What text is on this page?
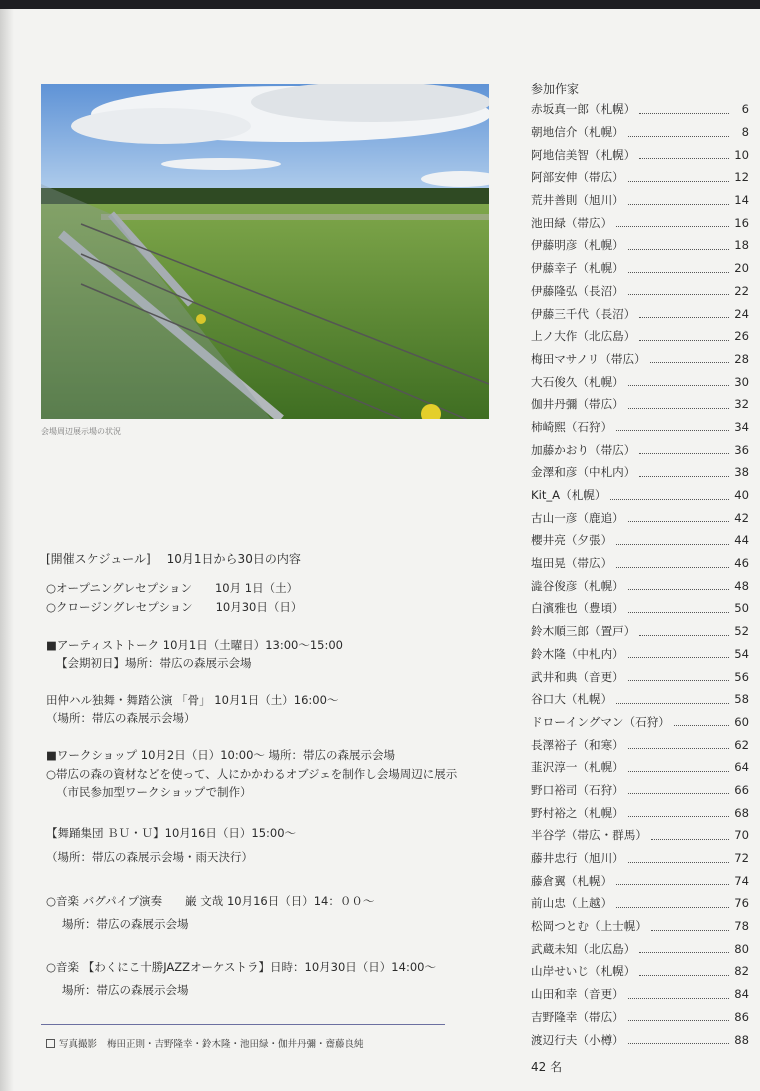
会場周辺展示場の状況
[開催スケジュール] 10月1日から30日の内容
○オープニングレセプション　　10月 1日（土）
○クロージングレセプション　　10月30日（日）
■アーティストトーク 10月1日（土曜日）13:00〜15:00
【会期初日】場所：帯広の森展示会場
田仲ハル独舞・舞踏公演 「骨」 10月1日（土）16:00〜
（場所：帯広の森展示会場）
■ワークショップ 10月2日（日）10:00〜 場所：帯広の森展示会場
○帯広の森の資材などを使って、人にかかわるオブジェを制作し会場周辺に展示
（市民参加型ワークショップで制作）
【舞踊集団 ＢＵ・Ｕ】10月16日（日）15:00〜
（場所：帯広の森展示会場・雨天決行）
○音楽 バグパイプ演奏　　巌 文哉 10月16日（日）14：００〜
場所：帯広の森展示会場
○音楽 【わくにこ十勝JAZZオーケストラ】日時：10月30日（日）14:00〜
場所：帯広の森展示会場
写真撮影 梅田正則・吉野隆幸・鈴木隆・池田緑・伽井丹彌・齋藤良純
参加作家
赤坂真一郎（札幌）	6
朝地信介（札幌）	8
阿地信美智（札幌）	10
阿部安伸（帯広）	12
荒井善則（旭川）	14
池田緑（帯広）	16
伊藤明彦（札幌）	18
伊藤幸子（札幌）	20
伊藤隆弘（長沼）	22
伊藤三千代（長沼）	24
上ノ大作（北広島）	26
梅田マサノリ（帯広）	28
大石俊久（札幌）	30
伽井丹彌（帯広）	32
柿崎熙（石狩）	34
加藤かおり（帯広）	36
金澤和彦（中札内）	38
Kit_A（札幌）	40
古山一彦（鹿追）	42
櫻井亮（夕張）	44
塩田晃（帯広）	46
澁谷俊彦（札幌）	48
白濱雅也（豊頃）	50
鈴木順三郎（置戸）	52
鈴木隆（中札内）	54
武井和典（音更）	56
谷口大（札幌）	58
ドローイングマン（石狩）	60
長澤裕子（和寒）	62
韮沢淳一（札幌）	64
野口裕司（石狩）	66
野村裕之（札幌）	68
半谷学（帯広・群馬）	70
藤井忠行（旭川）	72
藤倉翼（札幌）	74
前山忠（上越）	76
松岡つとむ（上士幌）	78
武蔵未知（北広島）	80
山岸せいじ（札幌）	82
山田和幸（音更）	84
吉野隆幸（帯広）	86
渡辺行夫（小樽）	88
42 名
